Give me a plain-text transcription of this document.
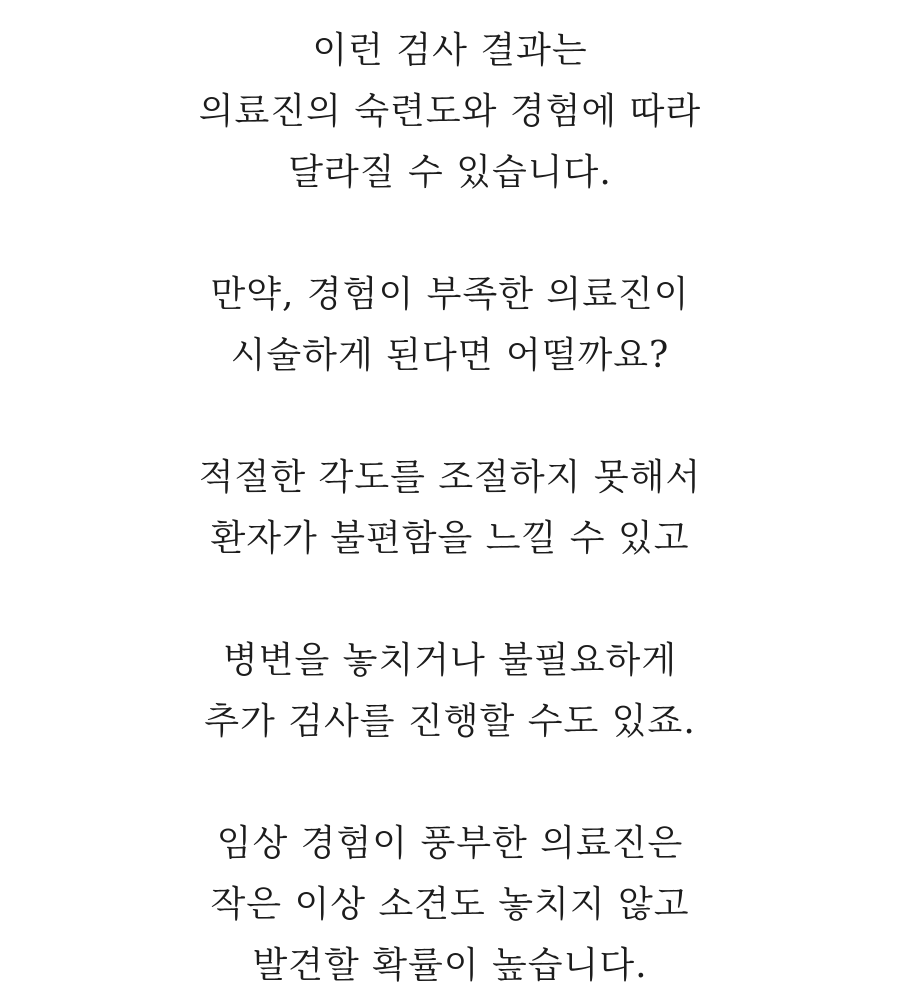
이런 검사 결과는
의료진의 숙련도와 경험에 따라
달라질 수 있습니다.

만약, 경험이 부족한 의료진이
시술하게 된다면 어떨까요?

적절한 각도를 조절하지 못해서
환자가 불편함을 느낄 수 있고

병변을 놓치거나 불필요하게
추가 검사를 진행할 수도 있죠.

임상 경험이 풍부한 의료진은
작은 이상 소견도 놓치지 않고
발견할 확률이 높습니다.
